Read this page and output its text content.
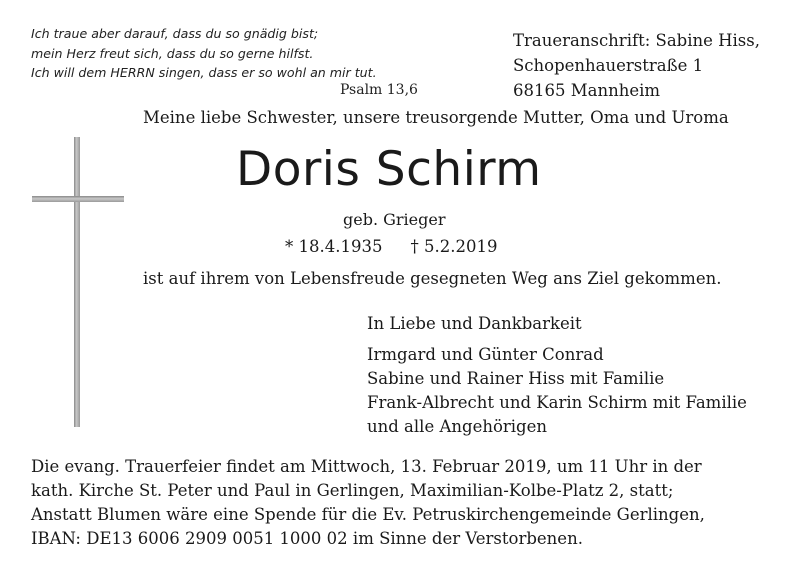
Ich traue aber darauf, dass du so gnädig bist;
mein Herz freut sich, dass du so gerne hilfst.
Ich will dem HERRN singen, dass er so wohl an mir tut.
Psalm 13,6
Traueranschrift: Sabine Hiss,
Schopenhauerstraße 1
68165 Mannheim
Meine liebe Schwester, unsere treusorgende Mutter, Oma und Uroma
Doris Schirm
geb. Grieger
* 18.4.1935 † 5.2.2019
ist auf ihrem von Lebensfreude gesegneten Weg ans Ziel gekommen.
In Liebe und Dankbarkeit
Irmgard und Günter Conrad
Sabine und Rainer Hiss mit Familie
Frank-Albrecht und Karin Schirm mit Familie
und alle Angehörigen
Die evang. Trauerfeier findet am Mittwoch, 13. Februar 2019, um 11 Uhr in der
kath. Kirche St. Peter und Paul in Gerlingen, Maximilian-Kolbe-Platz 2, statt;
Anstatt Blumen wäre eine Spende für die Ev. Petruskirchengemeinde Gerlingen,
IBAN: DE13 6006 2909 0051 1000 02 im Sinne der Verstorbenen.
